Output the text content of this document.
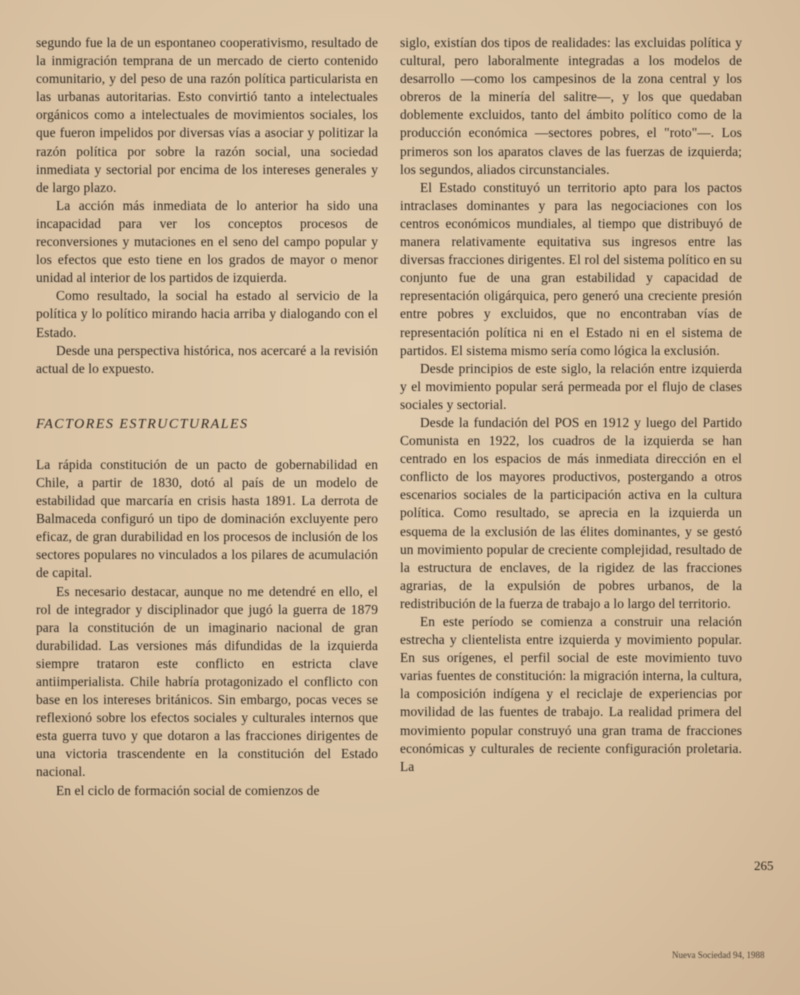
segundo fue la de un espontaneo cooperativismo, resultado de la inmigración temprana de un mercado de cierto contenido comunitario, y del peso de una razón política particularista en las urbanas autoritarias. Esto convirtió tanto a intelectuales orgánicos como a intelectuales de movimientos sociales, los que fueron impelidos por diversas vías a asociar y politizar la razón política por sobre la razón social, una sociedad inmediata y sectorial por encima de los intereses generales y de largo plazo.

La acción más inmediata de lo anterior ha sido una incapacidad para ver los conceptos procesos de reconversiones y mutaciones en el seno del campo popular y los efectos que esto tiene en los grados de mayor o menor unidad al interior de los partidos de izquierda.

Como resultado, la social ha estado al servicio de la política y lo político mirando hacia arriba y dialogando con el Estado.

Desde una perspectiva histórica, nos acercaré a la revisión actual de lo expuesto.

FACTORES ESTRUCTURALES

La rápida constitución de un pacto de gobernabilidad en Chile, a partir de 1830, dotó al país de un modelo de estabilidad que marcaría en crisis hasta 1891. La derrota de Balmaceda configuró un tipo de dominación excluyente pero eficaz, de gran durabilidad en los procesos de inclusión de los sectores populares no vinculados a los pilares de acumulación de capital.

Es necesario destacar, aunque no me detendré en ello, el rol de integrador y disciplinador que jugó la guerra de 1879 para la constitución de un imaginario nacional de gran durabilidad. Las versiones más difundidas de la izquierda siempre trataron este conflicto en estricta clave antiimperialista. Chile habría protagonizado el conflicto con base en los intereses británicos. Sin embargo, pocas veces se reflexionó sobre los efectos sociales y culturales internos que esta guerra tuvo y que dotaron a las fracciones dirigentes de una victoria trascendente en la constitución del Estado nacional.

En el ciclo de formación social de comienzos de

siglo, existían dos tipos de realidades: las excluidas política y cultural, pero laboralmente integradas a los modelos de desarrollo —como los campesinos de la zona central y los obreros de la minería del salitre—, y los que quedaban doblemente excluidos, tanto del ámbito político como de la producción económica —sectores pobres, el "roto"—. Los primeros son los aparatos claves de las fuerzas de izquierda; los segundos, aliados circunstanciales.

El Estado constituyó un territorio apto para los pactos intraclases dominantes y para las negociaciones con los centros económicos mundiales, al tiempo que distribuyó de manera relativamente equitativa sus ingresos entre las diversas fracciones dirigentes. El rol del sistema político en su conjunto fue de una gran estabilidad y capacidad de representación oligárquica, pero generó una creciente presión entre pobres y excluidos, que no encontraban vías de representación política ni en el Estado ni en el sistema de partidos. El sistema mismo sería como lógica la exclusión.

Desde principios de este siglo, la relación entre izquierda y el movimiento popular será permeada por el flujo de clases sociales y sectorial.

Desde la fundación del POS en 1912 y luego del Partido Comunista en 1922, los cuadros de la izquierda se han centrado en los espacios de más inmediata dirección en el conflicto de los mayores productivos, postergando a otros escenarios sociales de la participación activa en la cultura política. Como resultado, se aprecia en la izquierda un esquema de la exclusión de las élites dominantes, y se gestó un movimiento popular de creciente complejidad, resultado de la estructura de enclaves, de la rigidez de las fracciones agrarias, de la expulsión de pobres urbanos, de la redistribución de la fuerza de trabajo a lo largo del territorio.

En este período se comienza a construir una relación estrecha y clientelista entre izquierda y movimiento popular. En sus orígenes, el perfil social de este movimiento tuvo varias fuentes de constitución: la migración interna, la cultura, la composición indígena y el reciclaje de experiencias por movilidad de las fuentes de trabajo. La realidad primera del movimiento popular construyó una gran trama de fracciones económicas y culturales de reciente configuración proletaria. La

265
Nueva Sociedad 94, 1988
